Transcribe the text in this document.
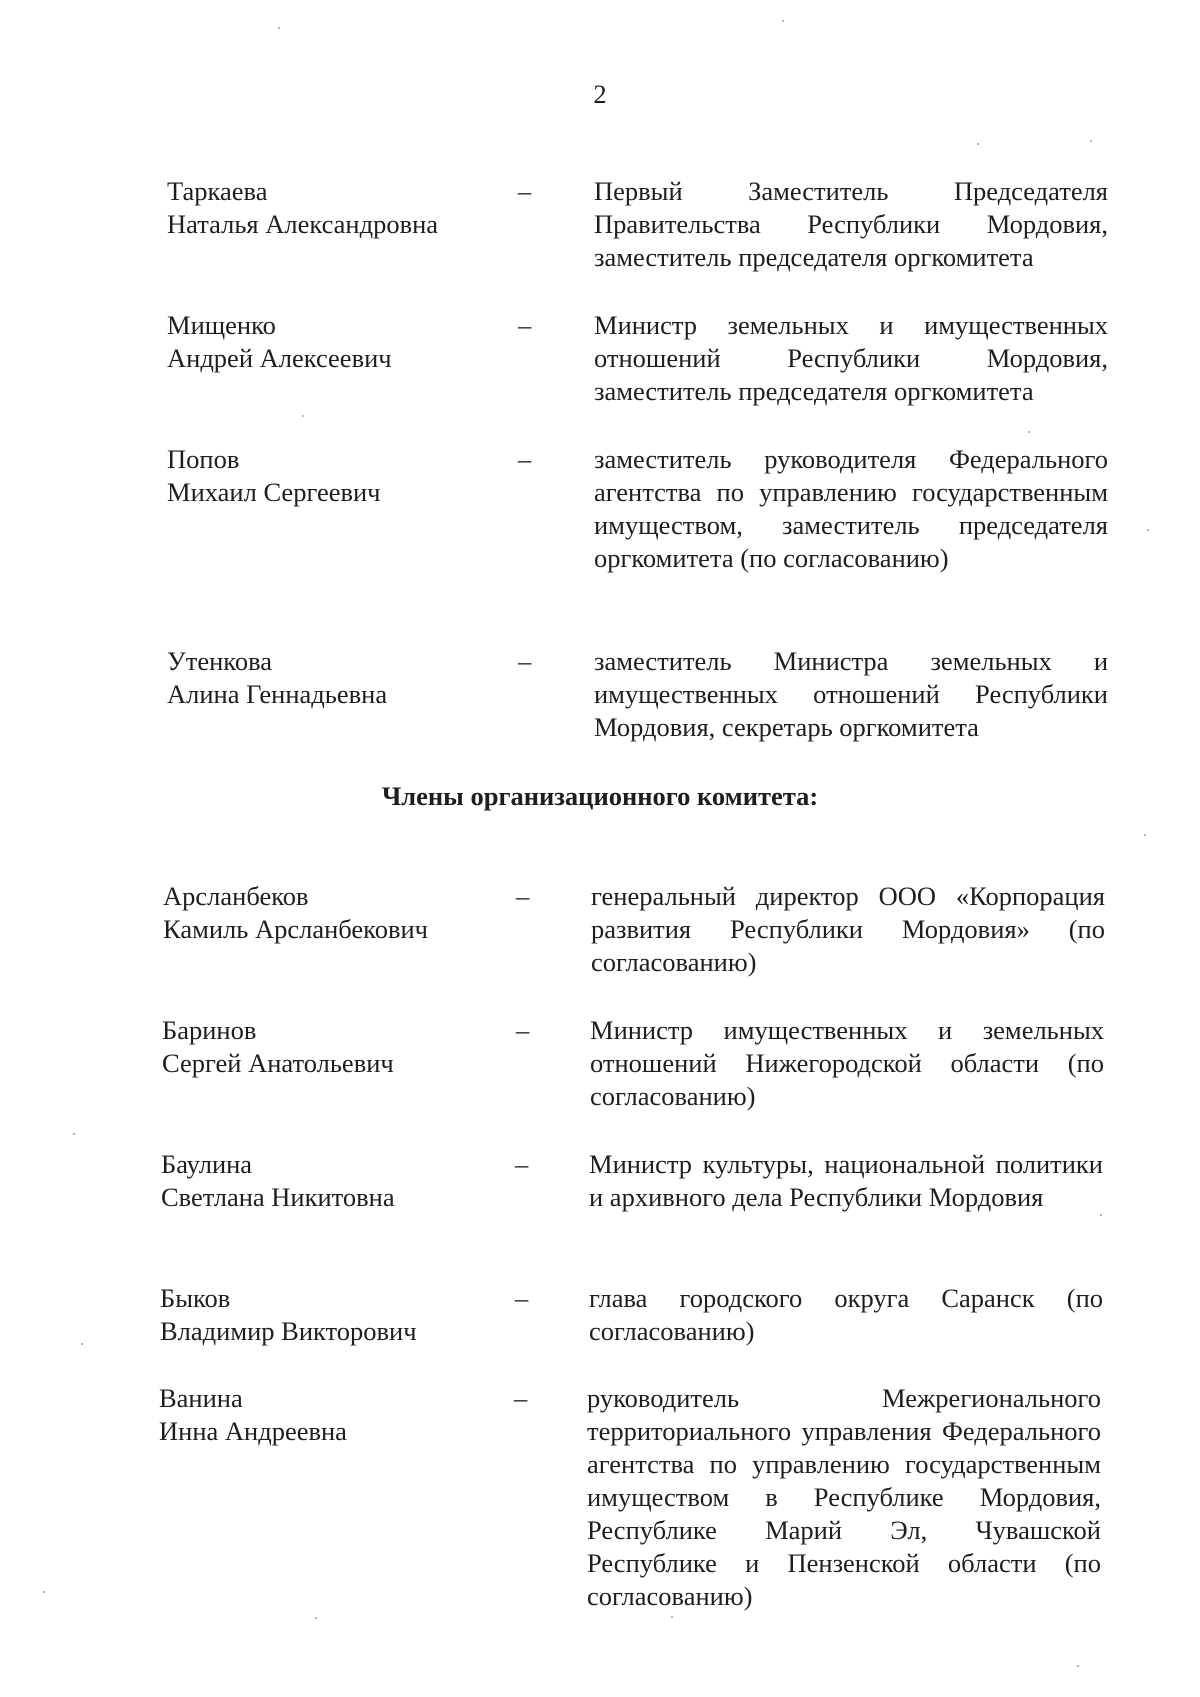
2
Таркаева
Наталья Александровна
– Первый Заместитель Председателя Правительства Республики Мордовия, заместитель председателя оргкомитета
Мищенко
Андрей Алексеевич
– Министр земельных и имущественных отношений Республики Мордовия, заместитель председателя оргкомитета
Попов
Михаил Сергеевич
– заместитель руководителя Федерального агентства по управлению государственным имуществом, заместитель председателя оргкомитета (по согласованию)
Утенкова
Алина Геннадьевна
– заместитель Министра земельных и имущественных отношений Республики Мордовия, секретарь оргкомитета
Члены организационного комитета:
Арсланбеков
Камиль Арсланбекович
– генеральный директор ООО «Корпорация развития Республики Мордовия» (по согласованию)
Баринов
Сергей Анатольевич
– Министр имущественных и земельных отношений Нижегородской области (по согласованию)
Баулина
Светлана Никитовна
– Министр культуры, национальной политики и архивного дела Республики Мордовия
Быков
Владимир Викторович
– глава городского округа Саранск (по согласованию)
Ванина
Инна Андреевна
– руководитель Межрегионального территориального управления Федерального агентства по управлению государственным имуществом в Республике Мордовия, Республике Марий Эл, Чувашской Республике и Пензенской области (по согласованию)
